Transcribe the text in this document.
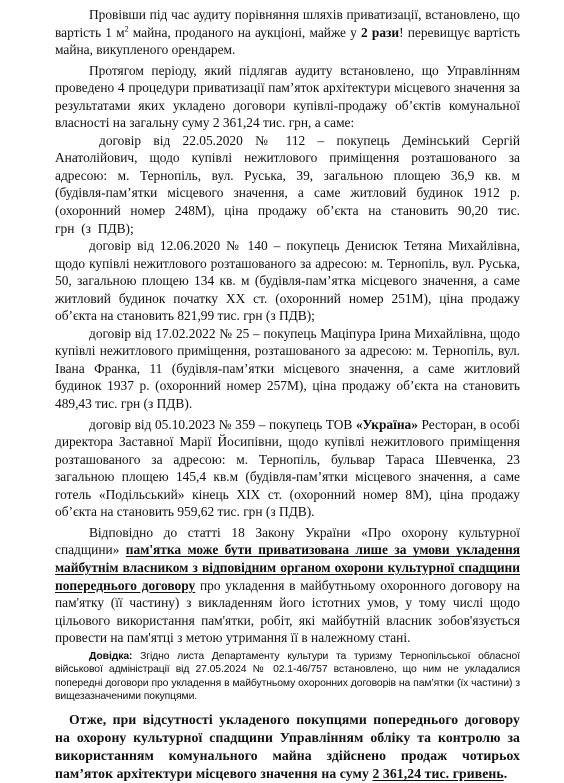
Провівши під час аудиту порівняння шляхів приватизації, встановлено, що вартість 1 $м^2$ майна, проданого на аукціоні, майже у 2 рази! перевищує вартість майна, викупленого орендарем.

Протягом періоду, який підлягав аудиту встановлено, що Управлінням проведено 4 процедури приватизації пам’яток архітектури місцевого значення за результатами яких укладено договори купівлі-продажу об’єктів комунальної власності на загальну суму 2 361,24 тис. грн, а саме:

договір від 22.05.2020 № 112 – покупець Демінський Сергій Анатолійович, щодо купівлі нежитлового приміщення розташованого за адресою: м. Тернопіль, вул. Руська, 39, загальною площею 36,9 кв. м (будівля-пам’ятки місцевого значення, а саме житловий будинок 1912 р. (охоронний номер 248М), ціна продажу об’єкта на становить 90,20 тис. грн (з ПДВ);

договір від 12.06.2020 № 140 – покупець Денисюк Тетяна Михайлівна, щодо купівлі нежитлового розташованого за адресою: м. Тернопіль, вул. Руська, 50, загальною площею 134 кв. м (будівля-пам’ятка місцевого значення, а саме житловий будинок початку XX ст. (охоронний номер 251М), ціна продажу об’єкта на становить 821,99 тис. грн (з ПДВ);

договір від 17.02.2022 № 25 – покупець Маціпура Ірина Михайлівна, щодо купівлі нежитлового приміщення, розташованого за адресою: м. Тернопіль, вул. Івана Франка, 11 (будівля-пам’ятки місцевого значення, а саме житловий будинок 1937 р. (охоронний номер 257М), ціна продажу об’єкта на становить 489,43 тис. грн (з ПДВ).

договір від 05.10.2023 № 359 – покупець ТОВ «Україна» Ресторан, в особі директора Заставної Марії Йосипівни, щодо купівлі нежитлового приміщення розташованого за адресою: м. Тернопіль, бульвар Тараса Шевченка, 23 загальною площею 145,4 кв.м (будівля-пам’ятки місцевого значення, а саме готель «Подільський» кінець XIX ст. (охоронний номер 8М), ціна продажу об’єкта на становить 959,62 тис. грн (з ПДВ).

Відповідно до статті 18 Закону України «Про охорону культурної спадщини» пам'ятка може бути приватизована лише за умови укладення майбутнім власником з відповідним органом охорони культурної спадщини попереднього договору про укладення в майбутньому охоронного договору на пам'ятку (її частину) з викладенням його істотних умов, у тому числі щодо цільового використання пам'ятки, робіт, які майбутній власник зобов'язується провести на пам'ятці з метою утримання її в належному стані.

Довідка: Згідно листа Департаменту культури та туризму Тернопільської обласної військової адміністрації від 27.05.2024 № 02.1-46/757 встановлено, що ним не укладалися попередні договори про укладення в майбутньому охоронних договорів на пам’ятки (їх частини) з вищезазначеними покупцями.

Отже, при відсутності укладеного покупцями попереднього договору на охорону культурної спадщини Управлінням обліку та контролю за використанням комунального майна здійснено продаж чотирьох пам’яток архітектури місцевого значення на суму 2 361,24 тис. гривень.
